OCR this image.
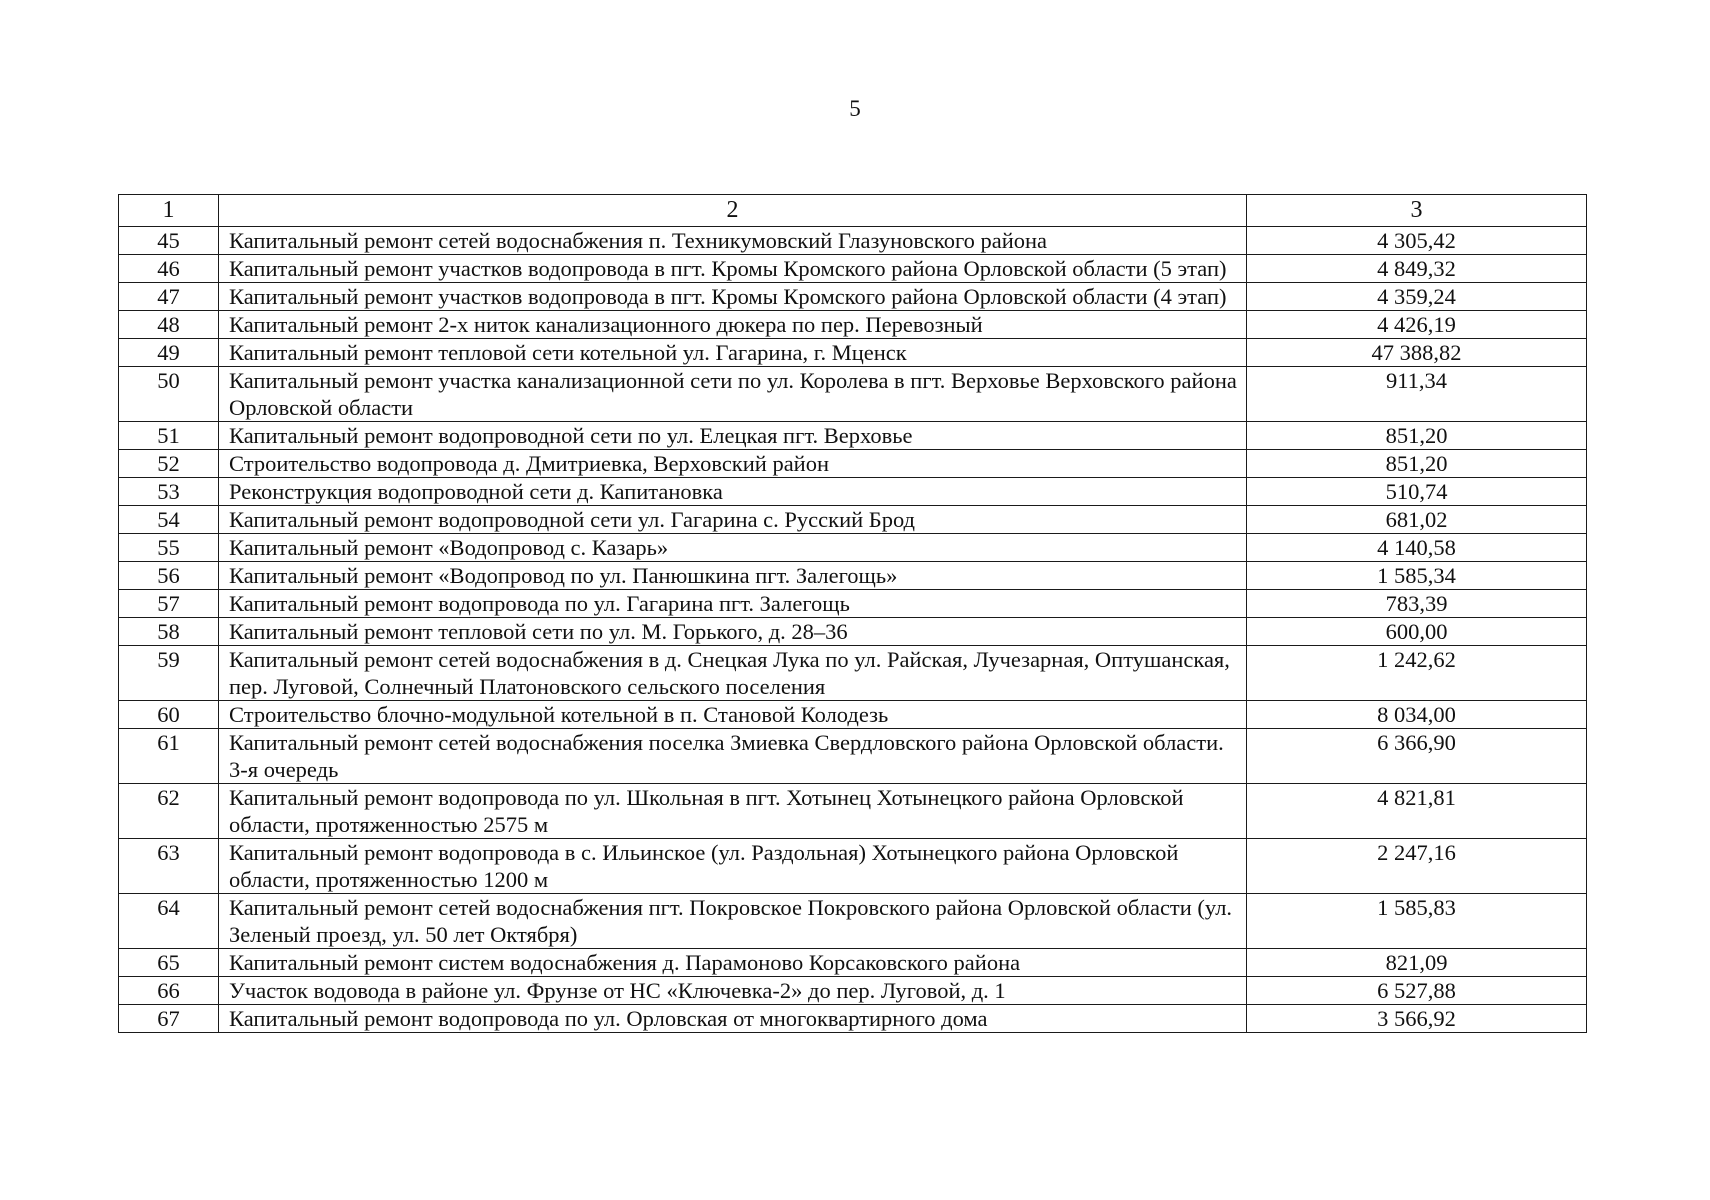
5
1	2	3
45	Капитальный ремонт сетей водоснабжения п. Техникумовский Глазуновского района	4 305,42
46	Капитальный ремонт участков водопровода в пгт. Кромы Кромского района Орловской области (5 этап)	4 849,32
47	Капитальный ремонт участков водопровода в пгт. Кромы Кромского района Орловской области (4 этап)	4 359,24
48	Капитальный ремонт 2-х ниток канализационного дюкера по пер. Перевозный	4 426,19
49	Капитальный ремонт тепловой сети котельной ул. Гагарина, г. Мценск	47 388,82
50	Капитальный ремонт участка канализационной сети по ул. Королева в пгт. Верховье Верховского района Орловской области	911,34
51	Капитальный ремонт водопроводной сети по ул. Елецкая пгт. Верховье	851,20
52	Строительство водопровода д. Дмитриевка, Верховский район	851,20
53	Реконструкция водопроводной сети д. Капитановка	510,74
54	Капитальный ремонт водопроводной сети ул. Гагарина с. Русский Брод	681,02
55	Капитальный ремонт «Водопровод с. Казарь»	4 140,58
56	Капитальный ремонт «Водопровод по ул. Панюшкина пгт. Залегощь»	1 585,34
57	Капитальный ремонт водопровода по ул. Гагарина пгт. Залегощь	783,39
58	Капитальный ремонт тепловой сети по ул. М. Горького, д. 28–36	600,00
59	Капитальный ремонт сетей водоснабжения в д. Снецкая Лука по ул. Райская, Лучезарная, Оптушанская, пер. Луговой, Солнечный Платоновского сельского поселения	1 242,62
60	Строительство блочно-модульной котельной в п. Становой Колодезь	8 034,00
61	Капитальный ремонт сетей водоснабжения поселка Змиевка Свердловского района Орловской области. 3-я очередь	6 366,90
62	Капитальный ремонт водопровода по ул. Школьная в пгт. Хотынец Хотынецкого района Орловской области, протяженностью 2575 м	4 821,81
63	Капитальный ремонт водопровода в с. Ильинское (ул. Раздольная) Хотынецкого района Орловской области, протяженностью 1200 м	2 247,16
64	Капитальный ремонт сетей водоснабжения пгт. Покровское Покровского района Орловской области (ул. Зеленый проезд, ул. 50 лет Октября)	1 585,83
65	Капитальный ремонт систем водоснабжения д. Парамоново Корсаковского района	821,09
66	Участок водовода в районе ул. Фрунзе от НС «Ключевка-2» до пер. Луговой, д. 1	6 527,88
67	Капитальный ремонт водопровода по ул. Орловская от многоквартирного дома	3 566,92
